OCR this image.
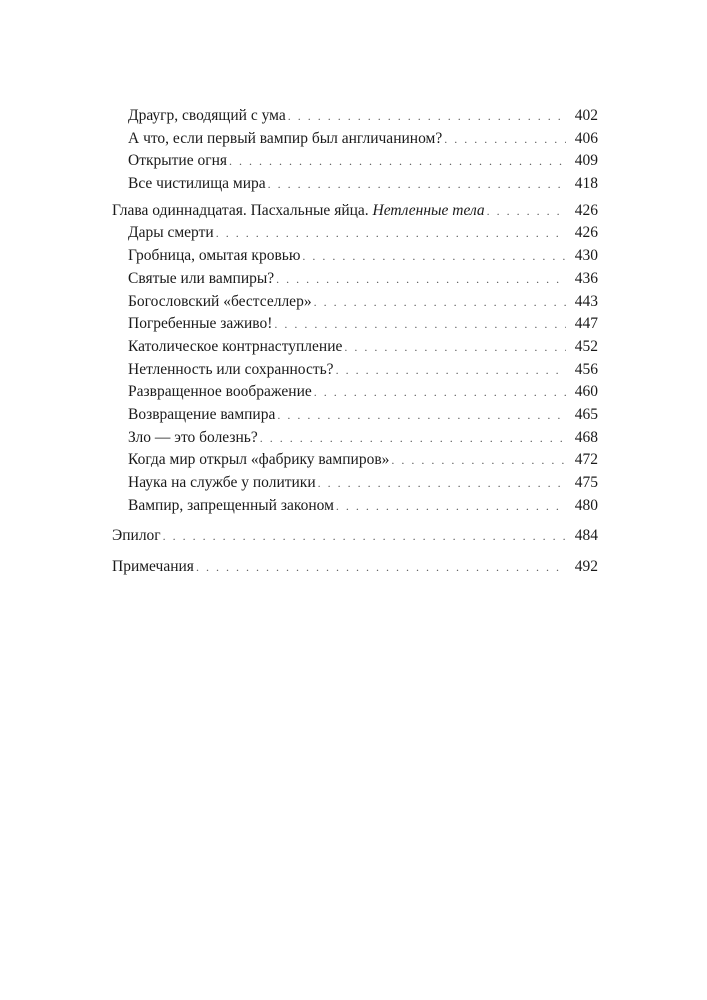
Драугр, сводящий с ума . . .	402
А что, если первый вампир был англичанином? . . .	406
Открытие огня . . .	409
Все чистилища мира . . .	418
Глава одиннадцатая. Пасхальные яйца. Нетленные тела . . .	426
Дары смерти . . .	426
Гробница, омытая кровью . . .	430
Святые или вампиры? . . .	436
Богословский «бестселлер» . . .	443
Погребенные заживо! . . .	447
Католическое контрнаступление . . .	452
Нетленность или сохранность? . . .	456
Развращенное воображение . . .	460
Возвращение вампира . . .	465
Зло — это болезнь? . . .	468
Когда мир открыл «фабрику вампиров» . . .	472
Наука на службе у политики . . .	475
Вампир, запрещенный законом . . .	480
Эпилог . . .	484
Примечания . . .	492
